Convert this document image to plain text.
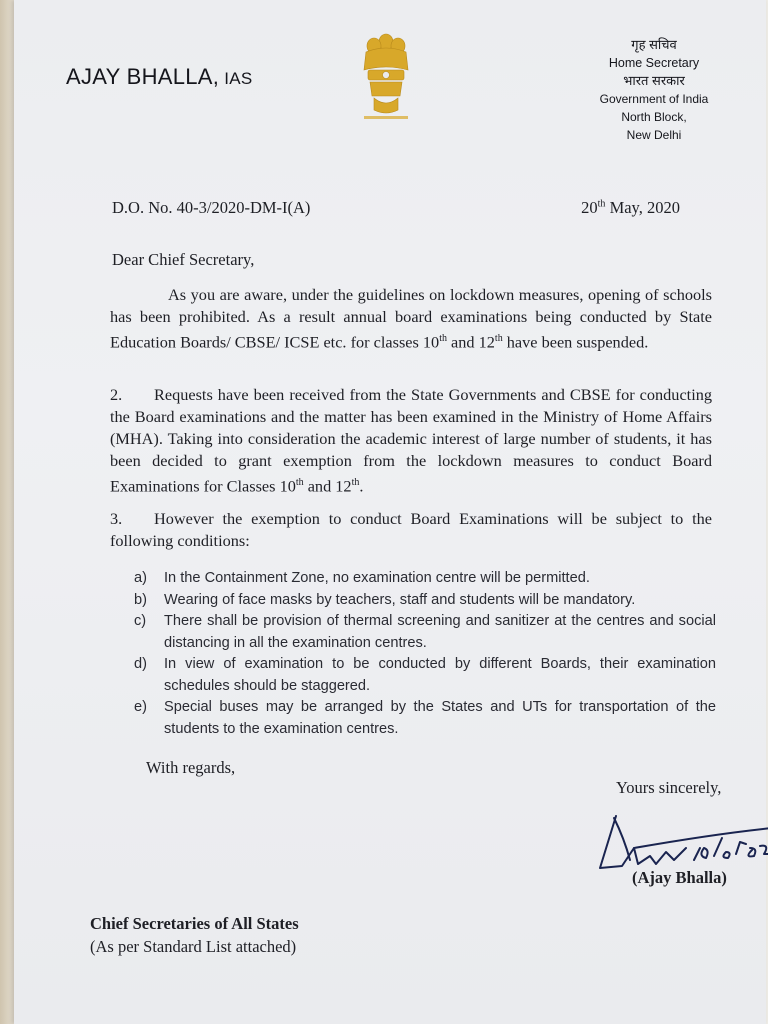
AJAY BHALLA, IAS
गृह सचिव
Home Secretary
भारत सरकार
Government of India
North Block,
New Delhi
D.O. No. 40-3/2020-DM-I(A)	20th May, 2020
Dear Chief Secretary,
As you are aware, under the guidelines on lockdown measures, opening of schools has been prohibited. As a result annual board examinations being conducted by State Education Boards/ CBSE/ ICSE etc. for classes 10th and 12th have been suspended.
2. Requests have been received from the State Governments and CBSE for conducting the Board examinations and the matter has been examined in the Ministry of Home Affairs (MHA). Taking into consideration the academic interest of large number of students, it has been decided to grant exemption from the lockdown measures to conduct Board Examinations for Classes 10th and 12th.
3. However the exemption to conduct Board Examinations will be subject to the following conditions:
a)	In the Containment Zone, no examination centre will be permitted.
b)	Wearing of face masks by teachers, staff and students will be mandatory.
c)	There shall be provision of thermal screening and sanitizer at the centres and social distancing in all the examination centres.
d)	In view of examination to be conducted by different Boards, their examination schedules should be staggered.
e)	Special buses may be arranged by the States and UTs for transportation of the students to the examination centres.
With regards,
Yours sincerely,
(Ajay Bhalla)
Chief Secretaries of All States
(As per Standard List attached)
